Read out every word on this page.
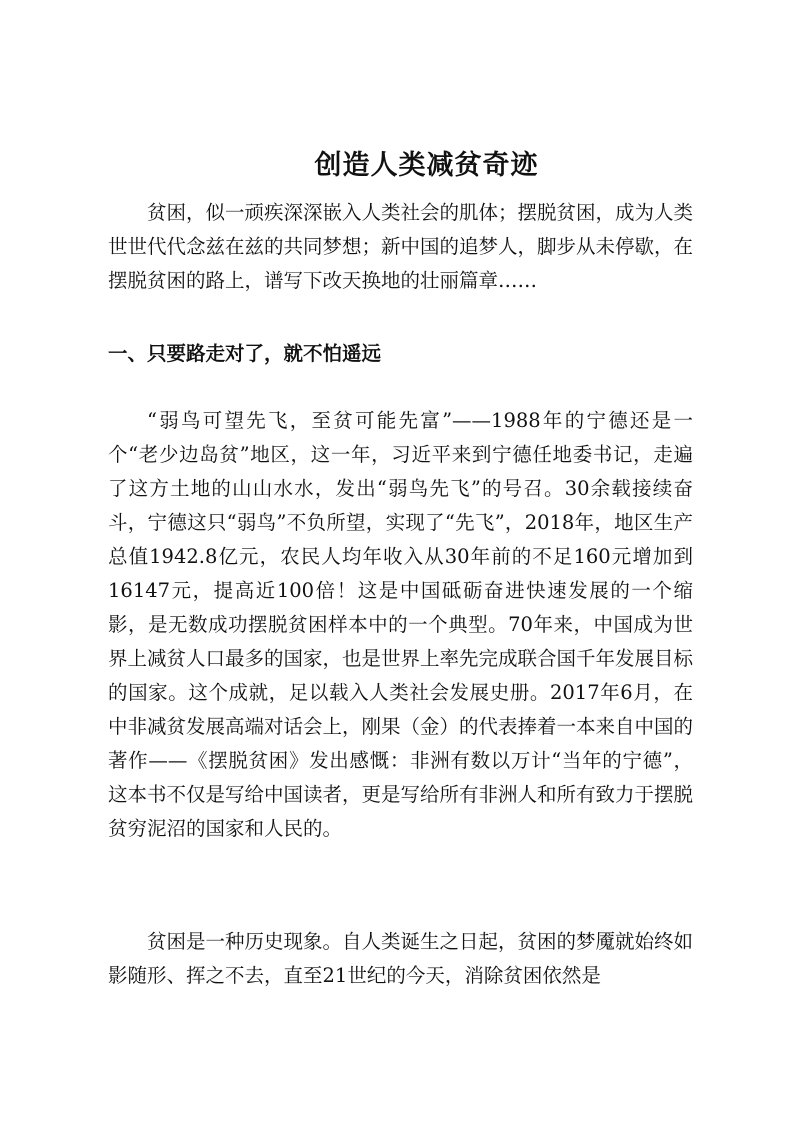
创造人类减贫奇迹

贫困，似一顽疾深深嵌入人类社会的肌体；摆脱贫困，成为人类世世代代念兹在兹的共同梦想；新中国的追梦人，脚步从未停歇，在摆脱贫困的路上，谱写下改天换地的壮丽篇章……

一、只要路走对了，就不怕遥远

“弱鸟可望先飞，至贫可能先富”——1988年的宁德还是一个“老少边岛贫”地区，这一年，习近平来到宁德任地委书记，走遍了这方土地的山山水水，发出“弱鸟先飞”的号召。30余载接续奋斗，宁德这只“弱鸟”不负所望，实现了“先飞”，2018年，地区生产总值1942.8亿元，农民人均年收入从30年前的不足160元增加到16147元，提高近100倍！这是中国砥砺奋进快速发展的一个缩影，是无数成功摆脱贫困样本中的一个典型。70年来，中国成为世界上减贫人口最多的国家，也是世界上率先完成联合国千年发展目标的国家。这个成就，足以载入人类社会发展史册。2017年6月，在中非减贫发展高端对话会上，刚果（金）的代表捧着一本来自中国的著作——《摆脱贫困》发出感慨：非洲有数以万计“当年的宁德”，这本书不仅是写给中国读者，更是写给所有非洲人和所有致力于摆脱贫穷泥沼的国家和人民的。

贫困是一种历史现象。自人类诞生之日起，贫困的梦魇就始终如影随形、挥之不去，直至21世纪的今天，消除贫困依然是
